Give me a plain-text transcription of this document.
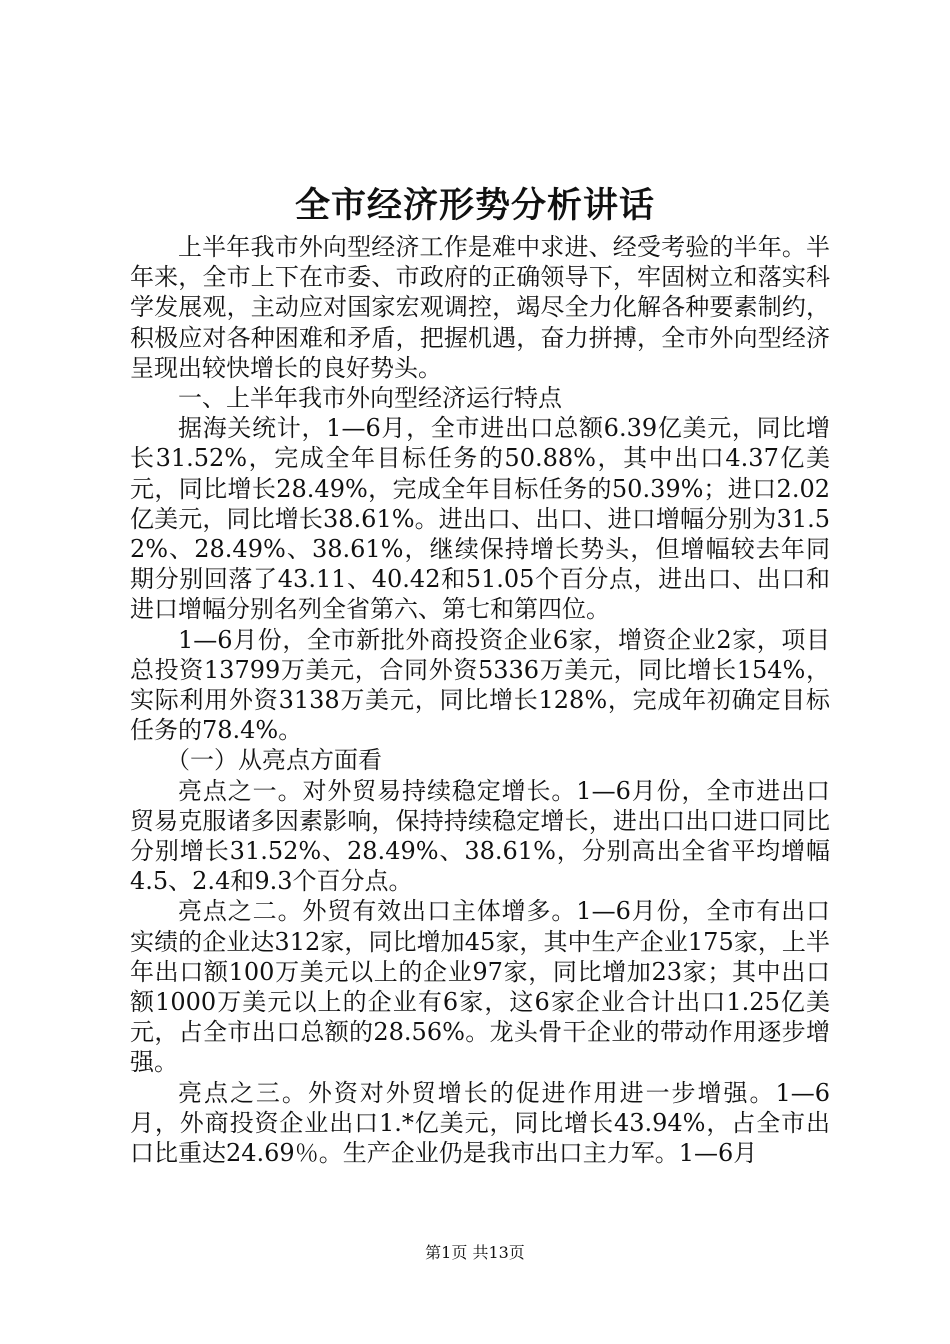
全市经济形势分析讲话

上半年我市外向型经济工作是难中求进、经受考验的半年。半年来，全市上下在市委、市政府的正确领导下，牢固树立和落实科学发展观，主动应对国家宏观调控，竭尽全力化解各种要素制约，积极应对各种困难和矛盾，把握机遇，奋力拼搏，全市外向型经济呈现出较快增长的良好势头。

一、上半年我市外向型经济运行特点

据海关统计，1—6月，全市进出口总额6.39亿美元，同比增长31.52%，完成全年目标任务的50.88%，其中出口4.37亿美元，同比增长28.49%，完成全年目标任务的50.39%；进口2.02亿美元，同比增长38.61%。进出口、出口、进口增幅分别为31.52%、28.49%、38.61%，继续保持增长势头，但增幅较去年同期分别回落了43.11、40.42和51.05个百分点，进出口、出口和进口增幅分别名列全省第六、第七和第四位。

1—6月份，全市新批外商投资企业6家，增资企业2家，项目总投资13799万美元，合同外资5336万美元，同比增长154%，实际利用外资3138万美元，同比增长128%，完成年初确定目标任务的78.4%。

（一）从亮点方面看

亮点之一。对外贸易持续稳定增长。1—6月份，全市进出口贸易克服诸多因素影响，保持持续稳定增长，进出口出口进口同比分别增长31.52%、28.49%、38.61%，分别高出全省平均增幅4.5、2.4和9.3个百分点。

亮点之二。外贸有效出口主体增多。1—6月份，全市有出口实绩的企业达312家，同比增加45家，其中生产企业175家，上半年出口额100万美元以上的企业97家，同比增加23家；其中出口额1000万美元以上的企业有6家，这6家企业合计出口1.25亿美元，占全市出口总额的28.56%。龙头骨干企业的带动作用逐步增强。

亮点之三。外资对外贸增长的促进作用进一步增强。1—6月，外商投资企业出口1.*亿美元，同比增长43.94%，占全市出口比重达24.69％。生产企业仍是我市出口主力军。1—6月

第1页 共13页
